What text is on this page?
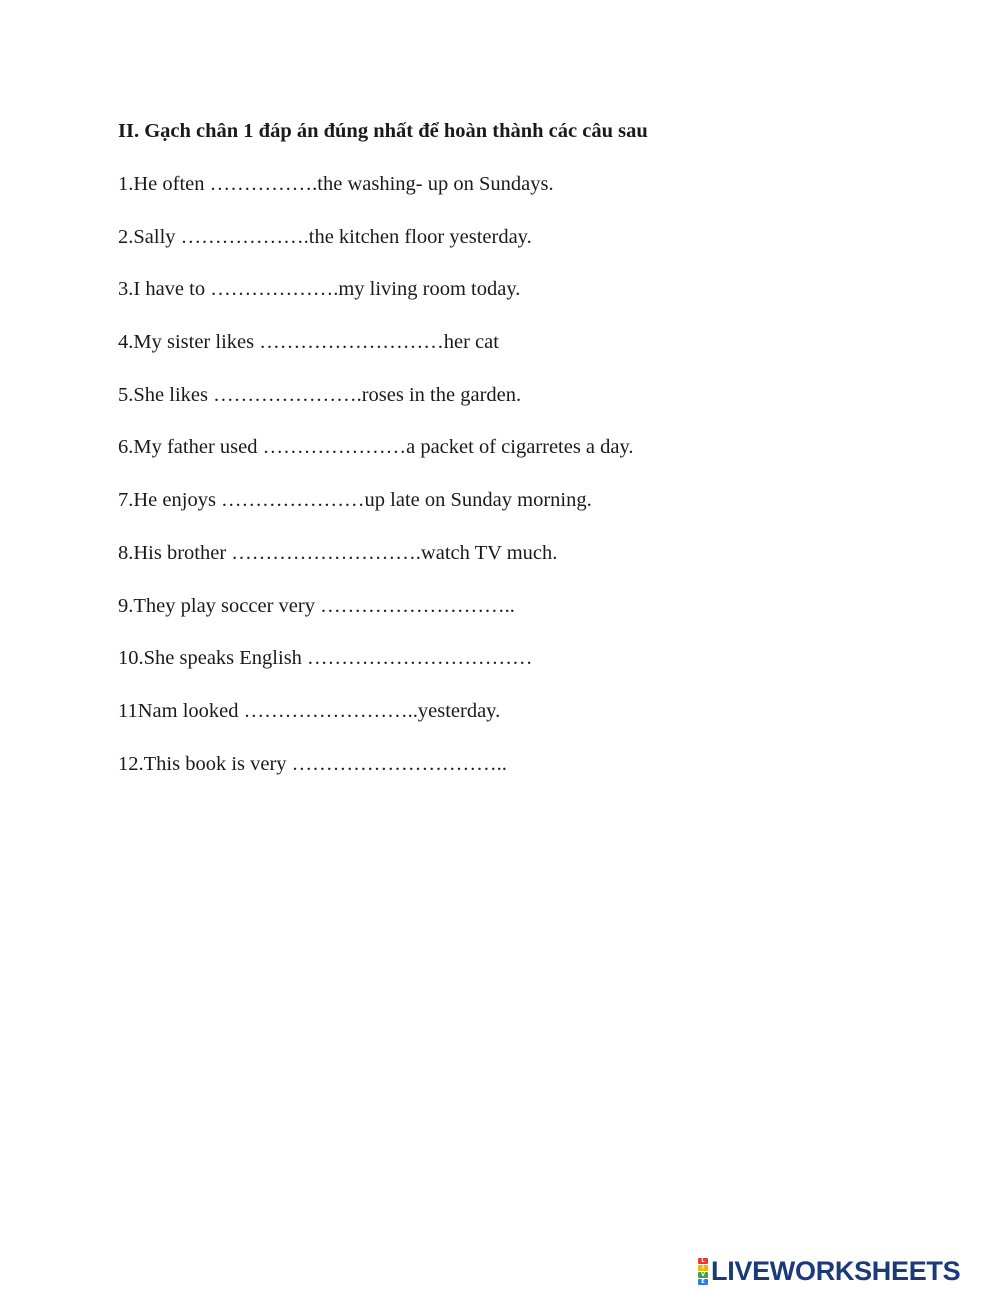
II. Gạch chân 1 đáp án đúng nhất để hoàn thành các câu sau
1.He often …………….the washing- up on Sundays.
2.Sally ……………….the kitchen floor yesterday.
3.I have to ……………….my living room today.
4.My sister likes ………………………her cat
5.She likes ………………….roses in the garden.
6.My father used …………………a packet of cigarretes a day.
7.He enjoys …………………up late on Sunday morning.
8.His brother ……………………….watch TV much.
9.They play soccer very ………………………..
10.She speaks English ……………………………
11Nam looked ……………………..yesterday.
12.This book is very …………………………..
L
I
V
E LIVEWORKSHEETS
